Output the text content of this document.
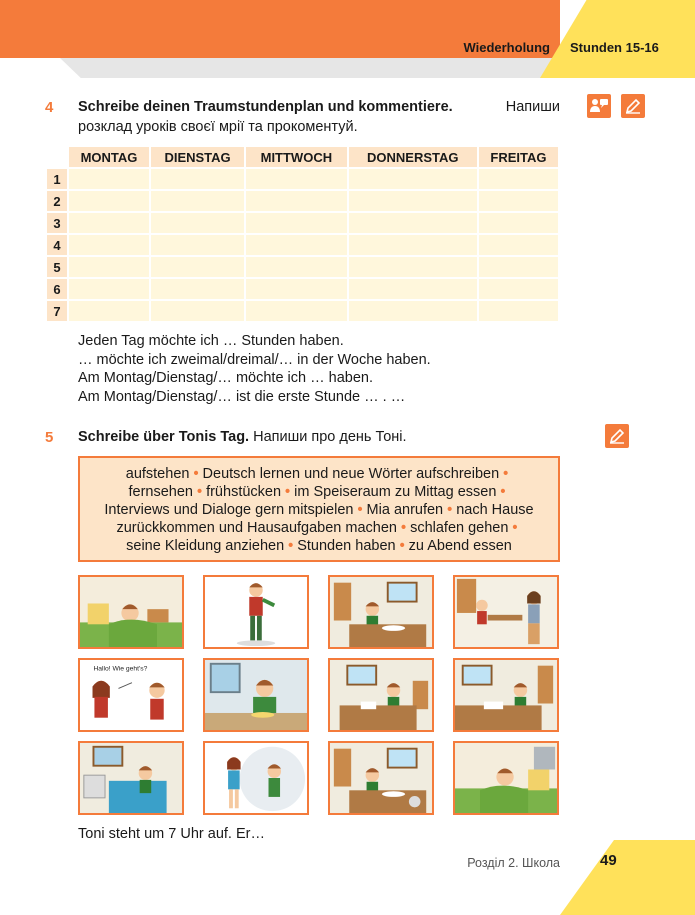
Wiederholung Stunden 15-16
4 Schreibe deinen Traumstundenplan und kommentiere.	Напиши
розклад уроків своєї мрії та прокоментуй.
	MONTAG	DIENSTAG	MITTWOCH	DONNERSTAG	FREITAG
1					
2					
3					
4					
5					
6					
7					
Jeden Tag möchte ich … Stunden haben.
… möchte ich zweimal/dreimal/… in der Woche haben.
Am Montag/Dienstag/… möchte ich … haben.
Am Montag/Dienstag/… ist die erste Stunde … . …
5 Schreibe über Tonis Tag. Напиши про день Тоні.
aufstehen • Deutsch lernen und neue Wörter aufschreiben •
fernsehen • frühstücken • im Speiseraum zu Mittag essen •
Interviews und Dialoge gern mitspielen • Mia anrufen • nach Hause
zurückkommen und Hausaufgaben machen • schlafen gehen •
seine Kleidung anziehen • Stunden haben • zu Abend essen
Hallo! Wie geht's?
Toni steht um 7 Uhr auf. Er…
Розділ 2. Школа	49
